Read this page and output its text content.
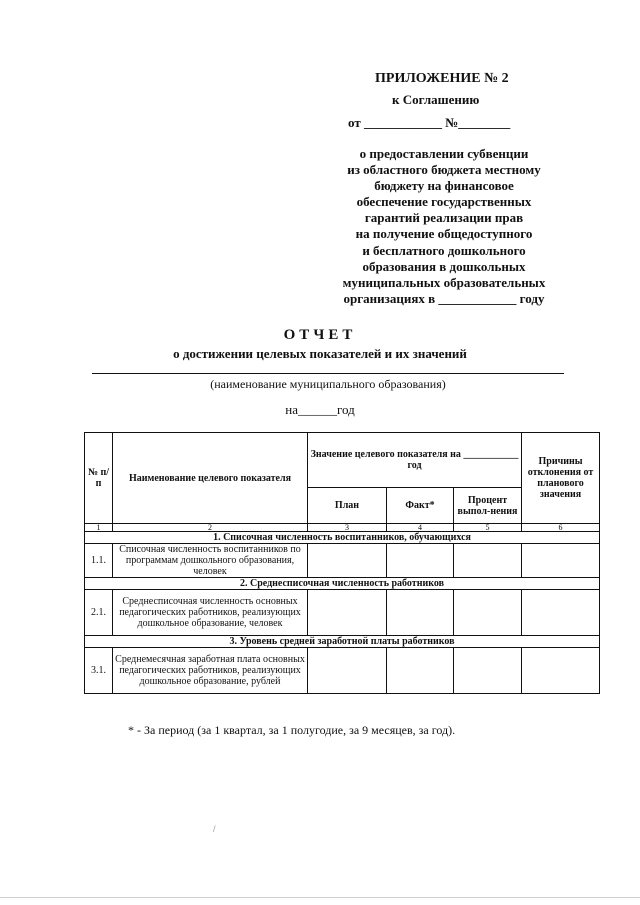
ПРИЛОЖЕНИЕ № 2
к Соглашению
от ____________ №________
о предоставлении субвенции
из областного бюджета местному
бюджету на финансовое
обеспечение государственных
гарантий реализации прав
на получение общедоступного
и бесплатного дошкольного
образования в дошкольных
муниципальных образовательных
организациях в ____________ году
ОТЧЕТ
о достижении целевых показателей и их значений
(наименование муниципального образования)
на______год
№ п/п	Наименование целевого показателя	Значение целевого показателя на ___________ год			Причины отклонения от планового значения
		План	Факт*	Процент выпол-нения	
1	2	3	4	5	6
1. Списочная численность воспитанников, обучающихся					
1.1.	Списочная численность воспитанников по программам дошкольного образования, человек				
2. Среднесписочная численность работников					
2.1.	Среднесписочная численность основных педагогических работников, реализующих дошкольное образование, человек				
3. Уровень средней заработной платы работников					
3.1.	Среднемесячная заработная плата основных педагогических работников, реализующих дошкольное образование, рублей				
* - За период (за 1 квартал, за 1 полугодие, за 9 месяцев, за год).
/
